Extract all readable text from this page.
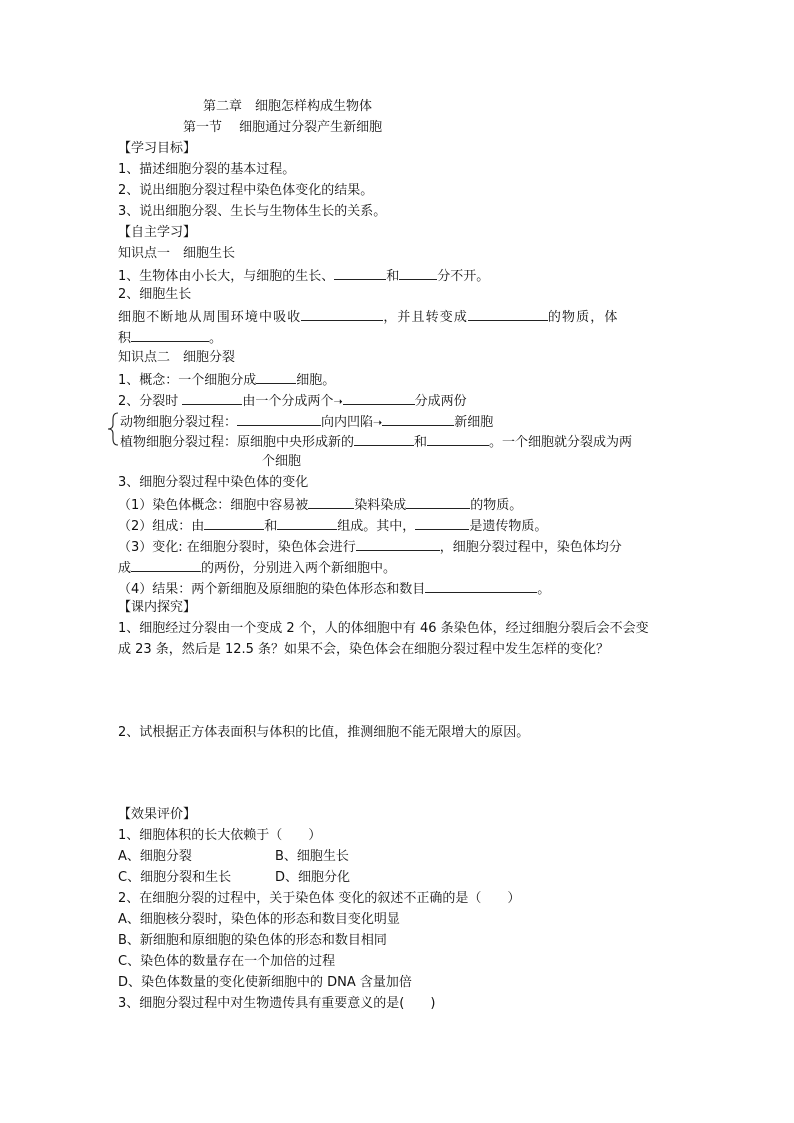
第二章　细胞怎样构成生物体
第一节　 细胞通过分裂产生新细胞
【学习目标】
1、描述细胞分裂的基本过程。
2、说出细胞分裂过程中染色体变化的结果。
3、说出细胞分裂、生长与生物体生长的关系。
【自主学习】
知识点一　细胞生长
1、生物体由小长大，与细胞的生长、	和	分不开。
2、细胞生长
细胞不断地从周围环境中吸收	，并且转变成	的物质，体
积	。
知识点二　细胞分裂
1、概念：一个细胞分成	细胞。
2、分裂时	由一个分成两个➝	分成两份
动物细胞分裂过程：	向内凹陷➝	新细胞
植物细胞分裂过程：原细胞中央形成新的	和	。一个细胞就分裂成为两
个细胞
3、细胞分裂过程中染色体的变化
（1）染色体概念：细胞中容易被	染料染成	的物质。
（2）组成：由	和	组成。其中，	是遗传物质。
（3）变化: 在细胞分裂时，染色体会进行	，细胞分裂过程中，染色体均分
成	的两份，分别进入两个新细胞中。
（4）结果：两个新细胞及原细胞的染色体形态和数目	。
【课内探究】
1、细胞经过分裂由一个变成 2 个，人的体细胞中有 46 条染色体，经过细胞分裂后会不会变
成 23 条，然后是 12.5 条？如果不会，染色体会在细胞分裂过程中发生怎样的变化？
2、试根据正方体表面积与体积的比值，推测细胞不能无限增大的原因。
【效果评价】
1、细胞体积的长大依赖于（　　）
A、细胞分裂	B、细胞生长
C、细胞分裂和生长	D、细胞分化
2、在细胞分裂的过程中，关于染色体 变化的叙述不正确的是（　　）
A、细胞核分裂时，染色体的形态和数目变化明显
B、新细胞和原细胞的染色体的形态和数目相同
C、染色体的数量存在一个加倍的过程
D、染色体数量的变化使新细胞中的 DNA 含量加倍
3、细胞分裂过程中对生物遗传具有重要意义的是(　　)
